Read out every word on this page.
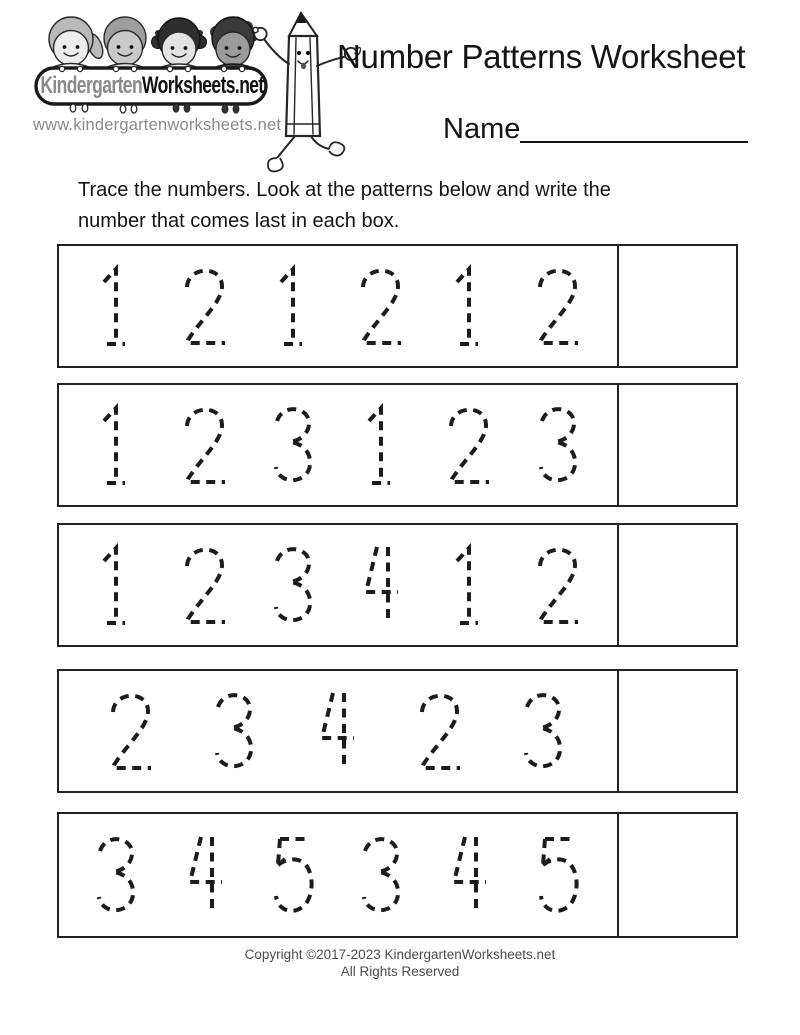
Kindergarten Worksheets.net
www.kindergartenworksheets.net
Number Patterns Worksheet
Name

Trace the numbers. Look at the patterns below and write the number that comes last in each box.

Copyright ©2017-2023 KindergartenWorksheets.net
All Rights Reserved
